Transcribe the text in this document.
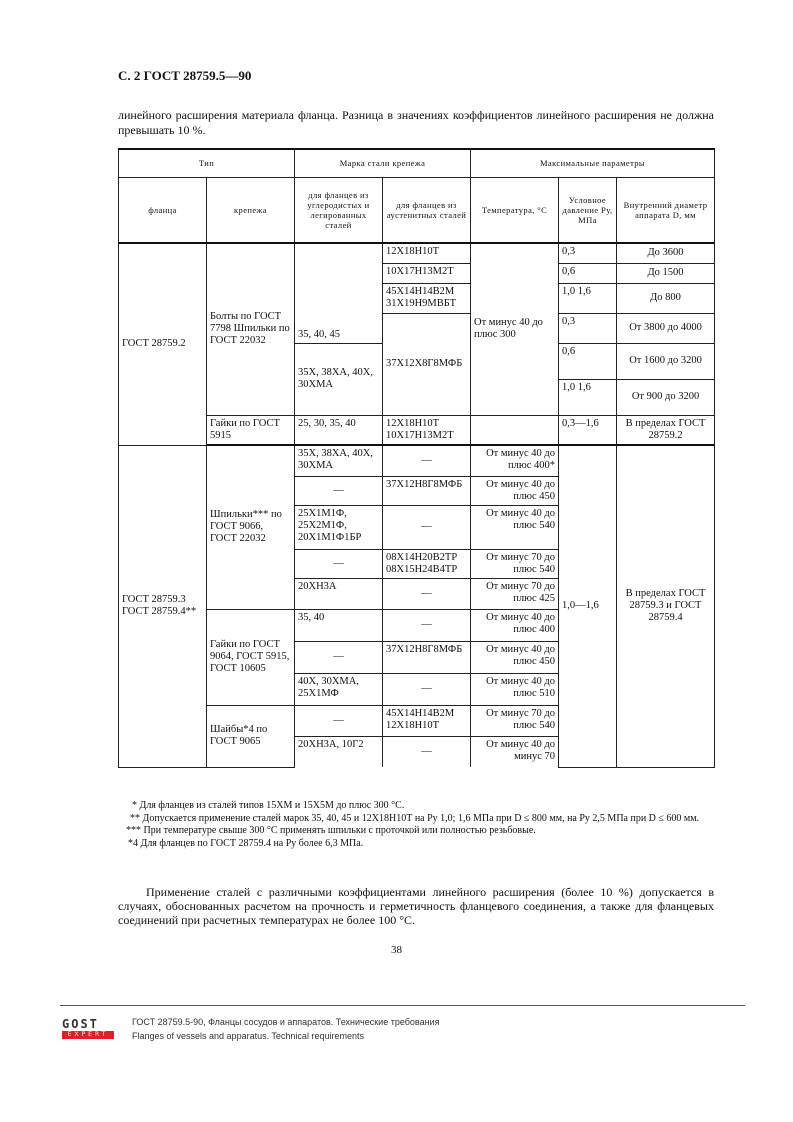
С. 2 ГОСТ 28759.5—90
линейного расширения материала фланца. Разница в значениях коэффициентов линейного расширения не должна превышать 10 %.
Тип		Марка стали крепежа		Максимальные параметры		
фланца	крепежа	для фланцев из углеродистых и легированных сталей	для фланцев из аустенитных сталей	Температура, °С	Условное давление Pу, МПа	Внутренний диаметр аппарата D, мм
ГОСТ 28759.2	Болты по ГОСТ 7798 Шпильки по ГОСТ 22032	35, 40, 45	12Х18Н10Т	От минус 40 до плюс 300	0,3	До 3600
			10Х17Н13М2Т		0,6	До 1500
			45Х14Н14В2М 31Х19Н9МВБТ		1,0 1,6	До 800
			37Х12Х8Г8МФБ		0,3	От 3800 до 4000
		35Х, 38ХА, 40Х, 30ХМА			0,6	От 1600 до 3200
					1,0 1,6	От 900 до 3200
	Гайки по ГОСТ 5915	25, 30, 35, 40	12Х18Н10Т 10Х17Н13М2Т		0,3—1,6	В пределах ГОСТ 28759.2
ГОСТ 28759.3 ГОСТ 28759.4**	Шпильки*** по ГОСТ 9066, ГОСТ 22032	35Х, 38ХА, 40Х, 30ХМА	—	От минус 40 до плюс 400*	1,0—1,6	В пределах ГОСТ 28759.3 и ГОСТ 28759.4
		—	37Х12Н8Г8МФБ	От минус 40 до плюс 450		
		25Х1М1Ф, 25Х2М1Ф, 20Х1М1Ф1БР	—	От минус 40 до плюс 540		
		—	08Х14Н20В2ТР 08Х15Н24В4ТР	От минус 70 до плюс 540		
		20ХН3А	—	От минус 70 до плюс 425		
	Гайки по ГОСТ 9064, ГОСТ 5915, ГОСТ 10605	35, 40	—	От минус 40 до плюс 400		
		—	37Х12Н8Г8МФБ	От минус 40 до плюс 450		
		40Х, 30ХМА, 25Х1МФ	—	От минус 40 до плюс 510		
	Шайбы*4 по ГОСТ 9065	—	45Х14Н14В2М 12Х18Н10Т	От минус 70 до плюс 540		
		20ХН3А, 10Г2	—	От минус 40 до минус 70		
* Для фланцев из сталей типов 15ХМ и 15Х5М до плюс 300 °С.
** Допускается применение сталей марок 35, 40, 45 и 12Х18Н10Т на Pу 1,0; 1,6 МПа при D ≤ 800 мм, на Pу 2,5 МПа при D ≤ 600 мм.
*** При температуре свыше 300 °С применять шпильки с проточкой или полностью резьбовые.
*4 Для фланцев по ГОСТ 28759.4 на Pу более 6,3 МПа.
Применение сталей с различными коэффициентами линейного расширения (более 10 %) допускается в случаях, обоснованных расчетом на прочность и герметичность фланцевого соединения, а также для фланцевых соединений при расчетных температурах не более 100 °С.
38
GOST
EXPERT
ГОСТ 28759.5-90, Фланцы сосудов и аппаратов. Технические требования
Flanges of vessels and apparatus. Technical requirements
